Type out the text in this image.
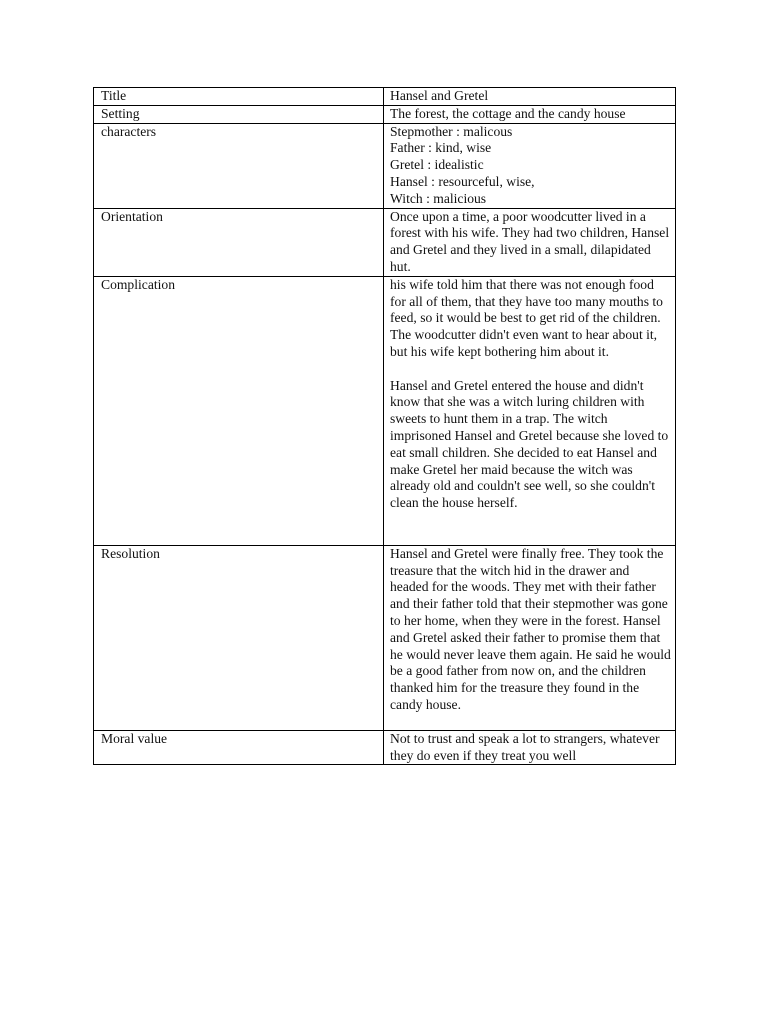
Title	Hansel and Gretel
Setting	The forest, the cottage and the candy house
characters	Stepmother : malicous
Father : kind, wise
Gretel : idealistic
Hansel : resourceful, wise,
Witch : malicious
Orientation	Once upon a time, a poor woodcutter lived in a forest with his wife. They had two children, Hansel and Gretel and they lived in a small, dilapidated hut.
Complication	his wife told him that there was not enough food for all of them, that they have too many mouths to feed, so it would be best to get rid of the children. The woodcutter didn't even want to hear about it, but his wife kept bothering him about it.

Hansel and Gretel entered the house and didn't know that she was a witch luring children with sweets to hunt them in a trap. The witch imprisoned Hansel and Gretel because she loved to eat small children. She decided to eat Hansel and make Gretel her maid because the witch was already old and couldn't see well, so she couldn't clean the house herself.
Resolution	Hansel and Gretel were finally free. They took the treasure that the witch hid in the drawer and headed for the woods. They met with their father and their father told that their stepmother was gone to her home, when they were in the forest. Hansel and Gretel asked their father to promise them that he would never leave them again. He said he would be a good father from now on, and the children thanked him for the treasure they found in the candy house.
Moral value	Not to trust and speak a lot to strangers, whatever they do even if they treat you well
